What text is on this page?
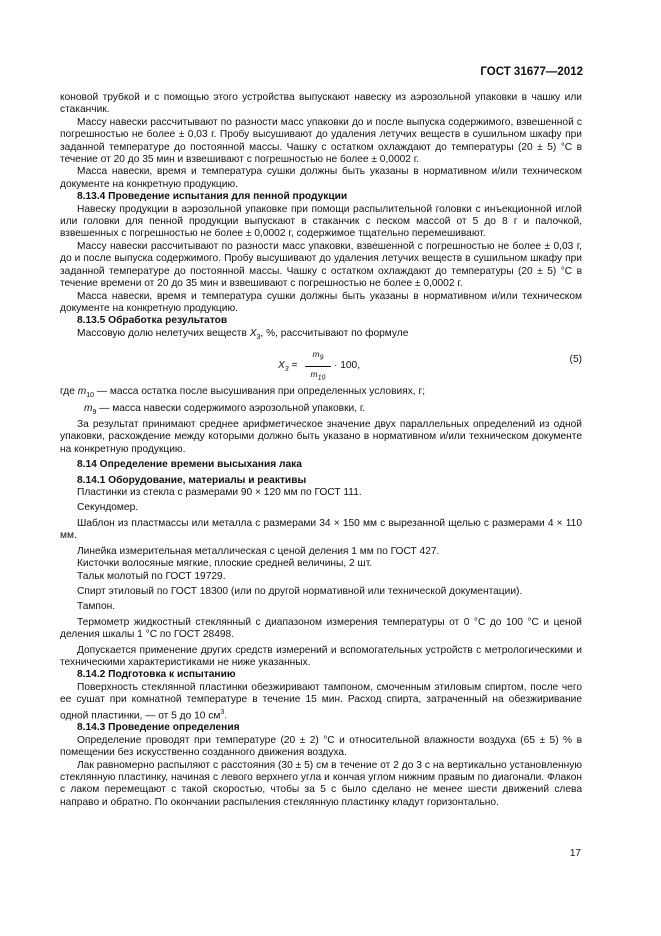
ГОСТ 31677—2012

коновой трубкой и с помощью этого устройства выпускают навеску из аэрозольной упаковки в чашку или стаканчик.

Массу навески рассчитывают по разности масс упаковки до и после выпуска содержимого, взвешенной с погрешностью не более ± 0,03 г. Пробу высушивают до удаления летучих веществ в сушильном шкафу при заданной температуре до постоянной массы. Чашку с остатком охлаждают до температуры (20 ± 5) °С в течение от 20 до 35 мин и взвешивают с погрешностью не более ± 0,0002 г.

Масса навески, время и температура сушки должны быть указаны в нормативном и/или техническом документе на конкретную продукцию.

8.13.4 Проведение испытания для пенной продукции

Навеску продукции в аэрозольной упаковке при помощи распылительной головки с инъекционной иглой или головки для пенной продукции выпускают в стаканчик с песком массой от 5 до 8 г и палочкой, взвешенных с погрешностью не более ± 0,0002 г, содержимое тщательно перемешивают.

Массу навески рассчитывают по разности масс упаковки, взвешенной с погрешностью не более ± 0,03 г, до и после выпуска содержимого. Пробу высушивают до удаления летучих веществ в сушильном шкафу при заданной температуре до постоянной массы. Чашку с остатком охлаждают до температуры (20 ± 5) °С в течение времени от 20 до 35 мин и взвешивают с погрешностью не более ± 0,0002 г.

Масса навески, время и температура сушки должны быть указаны в нормативном и/или техническом документе на конкретную продукцию.

8.13.5 Обработка результатов

Массовую долю нелетучих веществ $X_3$, %, рассчитывают по формуле

$X_3$ =
$m_9$
$m_{10}$
· 100,
(5)

где $m_{10}$ — масса остатка после высушивания при определенных условиях, г;

$m_9$ — масса навески содержимого аэрозольной упаковки, г.

За результат принимают среднее арифметическое значение двух параллельных определений из одной упаковки, расхождение между которыми должно быть указано в нормативном и/или техническом документе на конкретную продукцию.

8.14 Определение времени высыхания лака

8.14.1 Оборудование, материалы и реактивы

Пластинки из стекла с размерами 90 × 120 мм по ГОСТ 111.

Секундомер.

Шаблон из пластмассы или металла с размерами 34 × 150 мм с вырезанной щелью с размерами 4 × 110 мм.

Линейка измерительная металлическая с ценой деления 1 мм по ГОСТ 427.

Кисточки волосяные мягкие, плоские средней величины, 2 шт.

Тальк молотый по ГОСТ 19729.

Спирт этиловый по ГОСТ 18300 (или по другой нормативной или технической документации).

Тампон.

Термометр жидкостный стеклянный с диапазоном измерения температуры от 0 °С до 100 °С и ценой деления шкалы 1 °С по ГОСТ 28498.

Допускается применение других средств измерений и вспомогательных устройств с метрологическими и техническими характеристиками не ниже указанных.

8.14.2 Подготовка к испытанию

Поверхность стеклянной пластинки обезжиривают тампоном, смоченным этиловым спиртом, после чего ее сушат при комнатной температуре в течение 15 мин. Расход спирта, затраченный на обезжиривание одной пластинки, — от 5 до 10 $см^3$.

8.14.3 Проведение определения

Определение проводят при температуре (20 ± 2) °С и относительной влажности воздуха (65 ± 5) % в помещении без искусственно созданного движения воздуха.

Лак равномерно распыляют с расстояния (30 ± 5) см в течение от 2 до 3 с на вертикально установленную стеклянную пластинку, начиная с левого верхнего угла и кончая углом нижним правым по диагонали. Флакон с лаком перемещают с такой скоростью, чтобы за 5 с было сделано не менее шести движений слева направо и обратно. По окончании распыления стеклянную пластинку кладут горизонтально.

17
